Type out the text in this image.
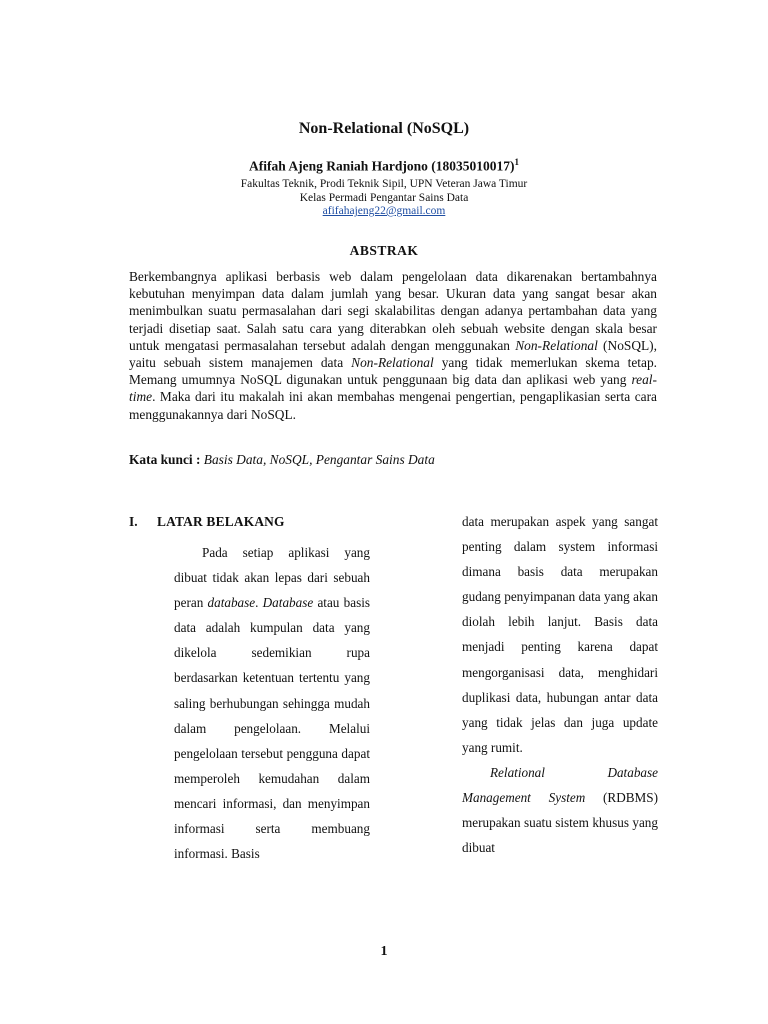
Non-Relational (NoSQL)
Afifah Ajeng Raniah Hardjono $(18035010017)^1$
Fakultas Teknik, Prodi Teknik Sipil, UPN Veteran Jawa Timur
Kelas Permadi Pengantar Sains Data
afifahajeng22@gmail.com
ABSTRAK
Berkembangnya aplikasi berbasis web dalam pengelolaan data dikarenakan bertambahnya kebutuhan menyimpan data dalam jumlah yang besar. Ukuran data yang sangat besar akan menimbulkan suatu permasalahan dari segi skalabilitas dengan adanya pertambahan data yang terjadi disetiap saat. Salah satu cara yang diterabkan oleh sebuah website dengan skala besar untuk mengatasi permasalahan tersebut adalah dengan menggunakan Non-Relational (NoSQL), yaitu sebuah sistem manajemen data Non-Relational yang tidak memerlukan skema tetap. Memang umumnya NoSQL digunakan untuk penggunaan big data dan aplikasi web yang real-time. Maka dari itu makalah ini akan membahas mengenai pengertian, pengaplikasian serta cara menggunakannya dari NoSQL.
Kata kunci : Basis Data, NoSQL, Pengantar Sains Data
I. LATAR BELAKANG
Pada setiap aplikasi yang dibuat tidak akan lepas dari sebuah peran database. Database atau basis data adalah kumpulan data yang dikelola sedemikian rupa berdasarkan ketentuan tertentu yang saling berhubungan sehingga mudah dalam pengelolaan. Melalui pengelolaan tersebut pengguna dapat memperoleh kemudahan dalam mencari informasi, dan menyimpan informasi serta membuang informasi. Basis
data merupakan aspek yang sangat penting dalam system informasi dimana basis data merupakan gudang penyimpanan data yang akan diolah lebih lanjut. Basis data menjadi penting karena dapat mengorganisasi data, menghidari duplikasi data, hubungan antar data yang tidak jelas dan juga update yang rumit.
Relational Database Management System (RDBMS) merupakan suatu sistem khusus yang dibuat
1
